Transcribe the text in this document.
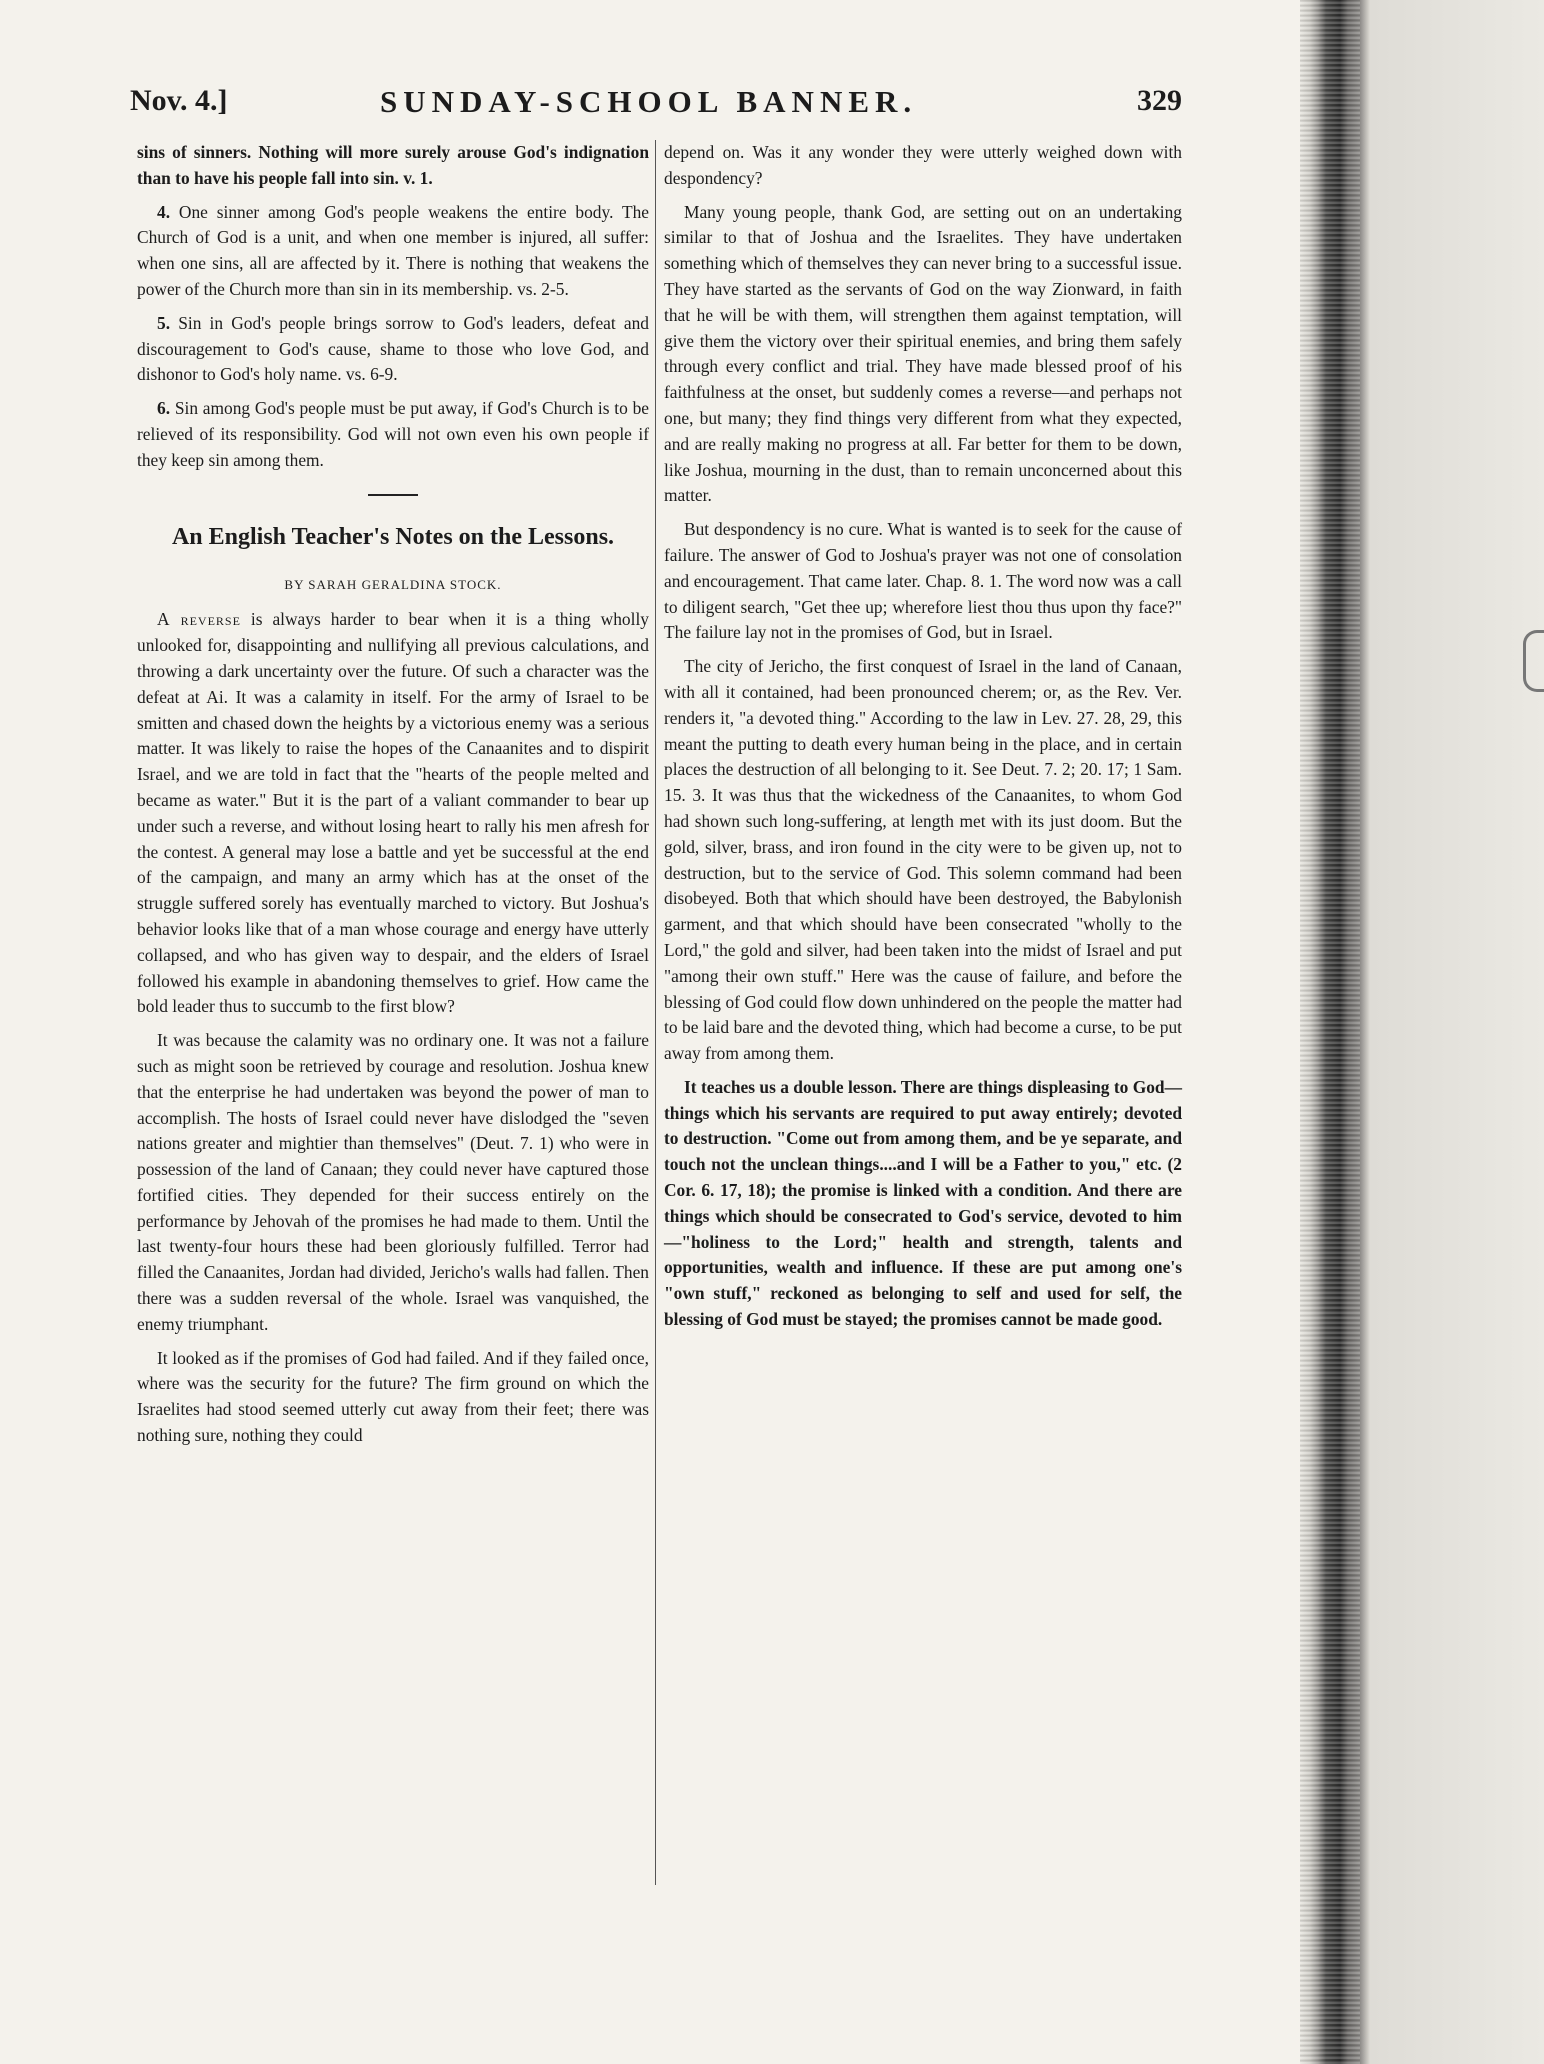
Nov. 4.]	SUNDAY-SCHOOL BANNER.	329

sins of sinners. Nothing will more surely arouse God's indignation than to have his people fall into sin. v. 1.

4. One sinner among God's people weakens the entire body. The Church of God is a unit, and when one member is injured, all suffer: when one sins, all are affected by it. There is nothing that weakens the power of the Church more than sin in its membership. vs. 2-5.

5. Sin in God's people brings sorrow to God's leaders, defeat and discouragement to God's cause, shame to those who love God, and dishonor to God's holy name. vs. 6-9.

6. Sin among God's people must be put away, if God's Church is to be relieved of its responsibility. God will not own even his own people if they keep sin among them.

An English Teacher's Notes on the Lessons.
BY SARAH GERALDINA STOCK.

A reverse is always harder to bear when it is a thing wholly unlooked for, disappointing and nullifying all previous calculations, and throwing a dark uncertainty over the future. Of such a character was the defeat at Ai. It was a calamity in itself. For the army of Israel to be smitten and chased down the heights by a victorious enemy was a serious matter. It was likely to raise the hopes of the Canaanites and to dispirit Israel, and we are told in fact that the "hearts of the people melted and became as water." But it is the part of a valiant commander to bear up under such a reverse, and without losing heart to rally his men afresh for the contest. A general may lose a battle and yet be successful at the end of the campaign, and many an army which has at the onset of the struggle suffered sorely has eventually marched to victory. But Joshua's behavior looks like that of a man whose courage and energy have utterly collapsed, and who has given way to despair, and the elders of Israel followed his example in abandoning themselves to grief. How came the bold leader thus to succumb to the first blow?

It was because the calamity was no ordinary one. It was not a failure such as might soon be retrieved by courage and resolution. Joshua knew that the enterprise he had undertaken was beyond the power of man to accomplish. The hosts of Israel could never have dislodged the "seven nations greater and mightier than themselves" (Deut. 7. 1) who were in possession of the land of Canaan; they could never have captured those fortified cities. They depended for their success entirely on the performance by Jehovah of the promises he had made to them. Until the last twenty-four hours these had been gloriously fulfilled. Terror had filled the Canaanites, Jordan had divided, Jericho's walls had fallen. Then there was a sudden reversal of the whole. Israel was vanquished, the enemy triumphant.

It looked as if the promises of God had failed. And if they failed once, where was the security for the future? The firm ground on which the Israelites had stood seemed utterly cut away from their feet; there was nothing sure, nothing they could

depend on. Was it any wonder they were utterly weighed down with despondency?

Many young people, thank God, are setting out on an undertaking similar to that of Joshua and the Israelites. They have undertaken something which of themselves they can never bring to a successful issue. They have started as the servants of God on the way Zionward, in faith that he will be with them, will strengthen them against temptation, will give them the victory over their spiritual enemies, and bring them safely through every conflict and trial. They have made blessed proof of his faithfulness at the onset, but suddenly comes a reverse—and perhaps not one, but many; they find things very different from what they expected, and are really making no progress at all. Far better for them to be down, like Joshua, mourning in the dust, than to remain unconcerned about this matter.

But despondency is no cure. What is wanted is to seek for the cause of failure. The answer of God to Joshua's prayer was not one of consolation and encouragement. That came later. Chap. 8. 1. The word now was a call to diligent search, "Get thee up; wherefore liest thou thus upon thy face?" The failure lay not in the promises of God, but in Israel.

The city of Jericho, the first conquest of Israel in the land of Canaan, with all it contained, had been pronounced cherem; or, as the Rev. Ver. renders it, "a devoted thing." According to the law in Lev. 27. 28, 29, this meant the putting to death every human being in the place, and in certain places the destruction of all belonging to it. See Deut. 7. 2; 20. 17; 1 Sam. 15. 3. It was thus that the wickedness of the Canaanites, to whom God had shown such long-suffering, at length met with its just doom. But the gold, silver, brass, and iron found in the city were to be given up, not to destruction, but to the service of God. This solemn command had been disobeyed. Both that which should have been destroyed, the Babylonish garment, and that which should have been consecrated "wholly to the Lord," the gold and silver, had been taken into the midst of Israel and put "among their own stuff." Here was the cause of failure, and before the blessing of God could flow down unhindered on the people the matter had to be laid bare and the devoted thing, which had become a curse, to be put away from among them.

It teaches us a double lesson. There are things displeasing to God—things which his servants are required to put away entirely; devoted to destruction. "Come out from among them, and be ye separate, and touch not the unclean things....and I will be a Father to you," etc. (2 Cor. 6. 17, 18); the promise is linked with a condition. And there are things which should be consecrated to God's service, devoted to him—"holiness to the Lord;" health and strength, talents and opportunities, wealth and influence. If these are put among one's "own stuff," reckoned as belonging to self and used for self, the blessing of God must be stayed; the promises cannot be made good.
